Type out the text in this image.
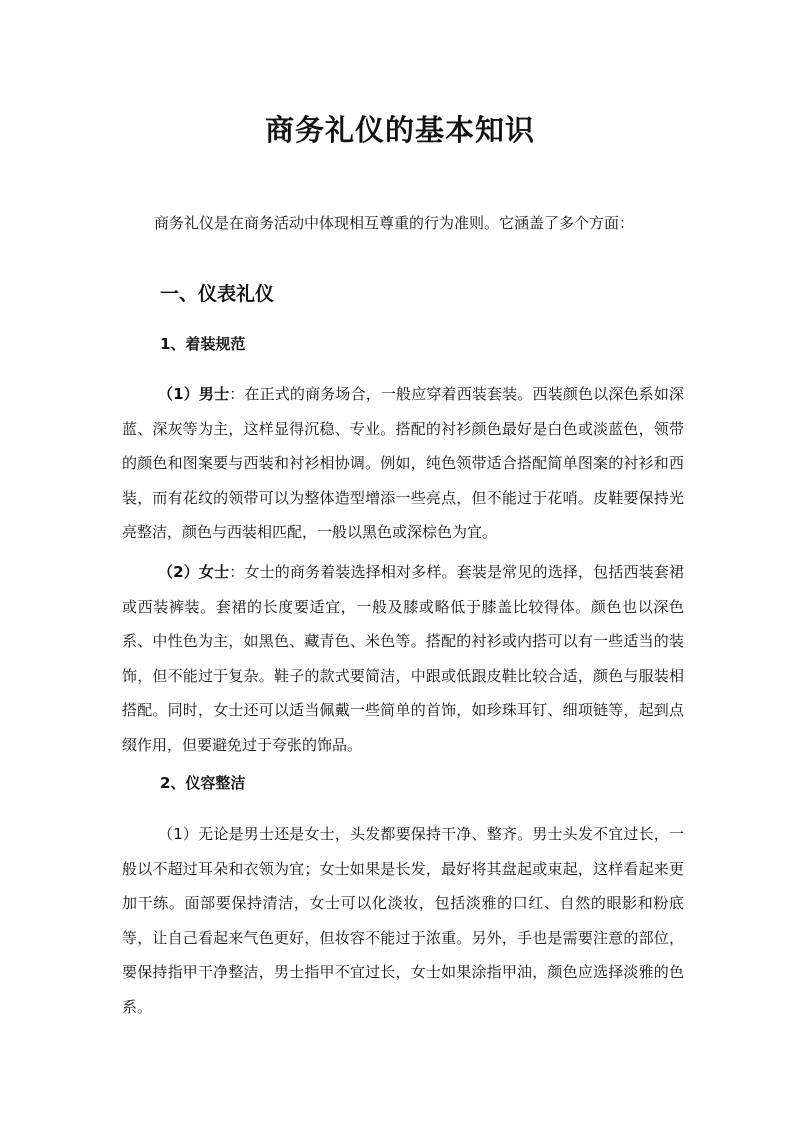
商务礼仪的基本知识

商务礼仪是在商务活动中体现相互尊重的行为准则。它涵盖了多个方面：

一、仪表礼仪
1、着装规范

（1）男士：在正式的商务场合，一般应穿着西装套装。西装颜色以深色系如深蓝、深灰等为主，这样显得沉稳、专业。搭配的衬衫颜色最好是白色或淡蓝色，领带的颜色和图案要与西装和衬衫相协调。例如，纯色领带适合搭配简单图案的衬衫和西装，而有花纹的领带可以为整体造型增添一些亮点，但不能过于花哨。皮鞋要保持光亮整洁，颜色与西装相匹配，一般以黑色或深棕色为宜。

（2）女士：女士的商务着装选择相对多样。套装是常见的选择，包括西装套裙或西装裤装。套裙的长度要适宜，一般及膝或略低于膝盖比较得体。颜色也以深色系、中性色为主，如黑色、藏青色、米色等。搭配的衬衫或内搭可以有一些适当的装饰，但不能过于复杂。鞋子的款式要简洁，中跟或低跟皮鞋比较合适，颜色与服装相搭配。同时，女士还可以适当佩戴一些简单的首饰，如珍珠耳钉、细项链等，起到点缀作用，但要避免过于夸张的饰品。

2、仪容整洁

（1）无论是男士还是女士，头发都要保持干净、整齐。男士头发不宜过长，一般以不超过耳朵和衣领为宜；女士如果是长发，最好将其盘起或束起，这样看起来更加干练。面部要保持清洁，女士可以化淡妆，包括淡雅的口红、自然的眼影和粉底等，让自己看起来气色更好，但妆容不能过于浓重。另外，手也是需要注意的部位，要保持指甲干净整洁，男士指甲不宜过长，女士如果涂指甲油，颜色应选择淡雅的色系。
